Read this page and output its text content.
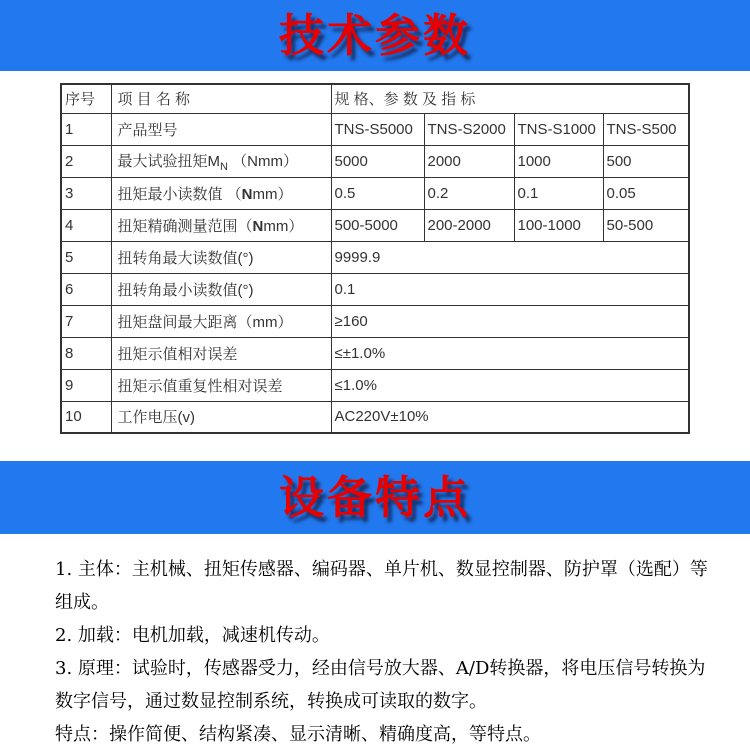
技术参数
序号	项 目 名 称	规 格、参 数 及 指 标			
1	产品型号	TNS-S5000	TNS-S2000	TNS-S1000	TNS-S500
2	最大试验扭矩$M_N$ （Nmm）	5000	2000	1000	500
3	扭矩最小读数值 （Nmm）	0.5	0.2	0.1	0.05
4	扭矩精确测量范围（Nmm）	500-5000	200-2000	100-1000	50-500
5	扭转角最大读数值(°)	9999.9			
6	扭转角最小读数值(°)	0.1			
7	扭矩盘间最大距离（mm）	≥160			
8	扭矩示值相对误差	≤±1.0%			
9	扭矩示值重复性相对误差	≤1.0%			
10	工作电压(v)	AC220V±10%			
设备特点

1. 主体：主机械、扭矩传感器、编码器、单片机、数显控制器、防护罩（选配）等组成。

2. 加载：电机加载，减速机传动。

3. 原理：试验时，传感器受力，经由信号放大器、A/D转换器，将电压信号转换为数字信号，通过数显控制系统，转换成可读取的数字。

特点：操作简便、结构紧凑、显示清晰、精确度高，等特点。
